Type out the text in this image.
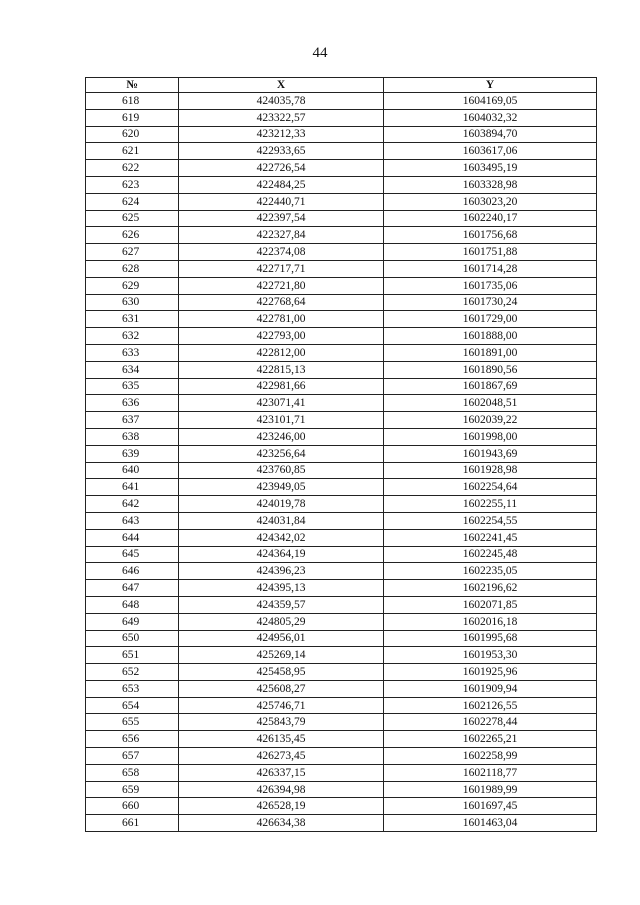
44
№	X	Y
618	424035,78	1604169,05
619	423322,57	1604032,32
620	423212,33	1603894,70
621	422933,65	1603617,06
622	422726,54	1603495,19
623	422484,25	1603328,98
624	422440,71	1603023,20
625	422397,54	1602240,17
626	422327,84	1601756,68
627	422374,08	1601751,88
628	422717,71	1601714,28
629	422721,80	1601735,06
630	422768,64	1601730,24
631	422781,00	1601729,00
632	422793,00	1601888,00
633	422812,00	1601891,00
634	422815,13	1601890,56
635	422981,66	1601867,69
636	423071,41	1602048,51
637	423101,71	1602039,22
638	423246,00	1601998,00
639	423256,64	1601943,69
640	423760,85	1601928,98
641	423949,05	1602254,64
642	424019,78	1602255,11
643	424031,84	1602254,55
644	424342,02	1602241,45
645	424364,19	1602245,48
646	424396,23	1602235,05
647	424395,13	1602196,62
648	424359,57	1602071,85
649	424805,29	1602016,18
650	424956,01	1601995,68
651	425269,14	1601953,30
652	425458,95	1601925,96
653	425608,27	1601909,94
654	425746,71	1602126,55
655	425843,79	1602278,44
656	426135,45	1602265,21
657	426273,45	1602258,99
658	426337,15	1602118,77
659	426394,98	1601989,99
660	426528,19	1601697,45
661	426634,38	1601463,04
